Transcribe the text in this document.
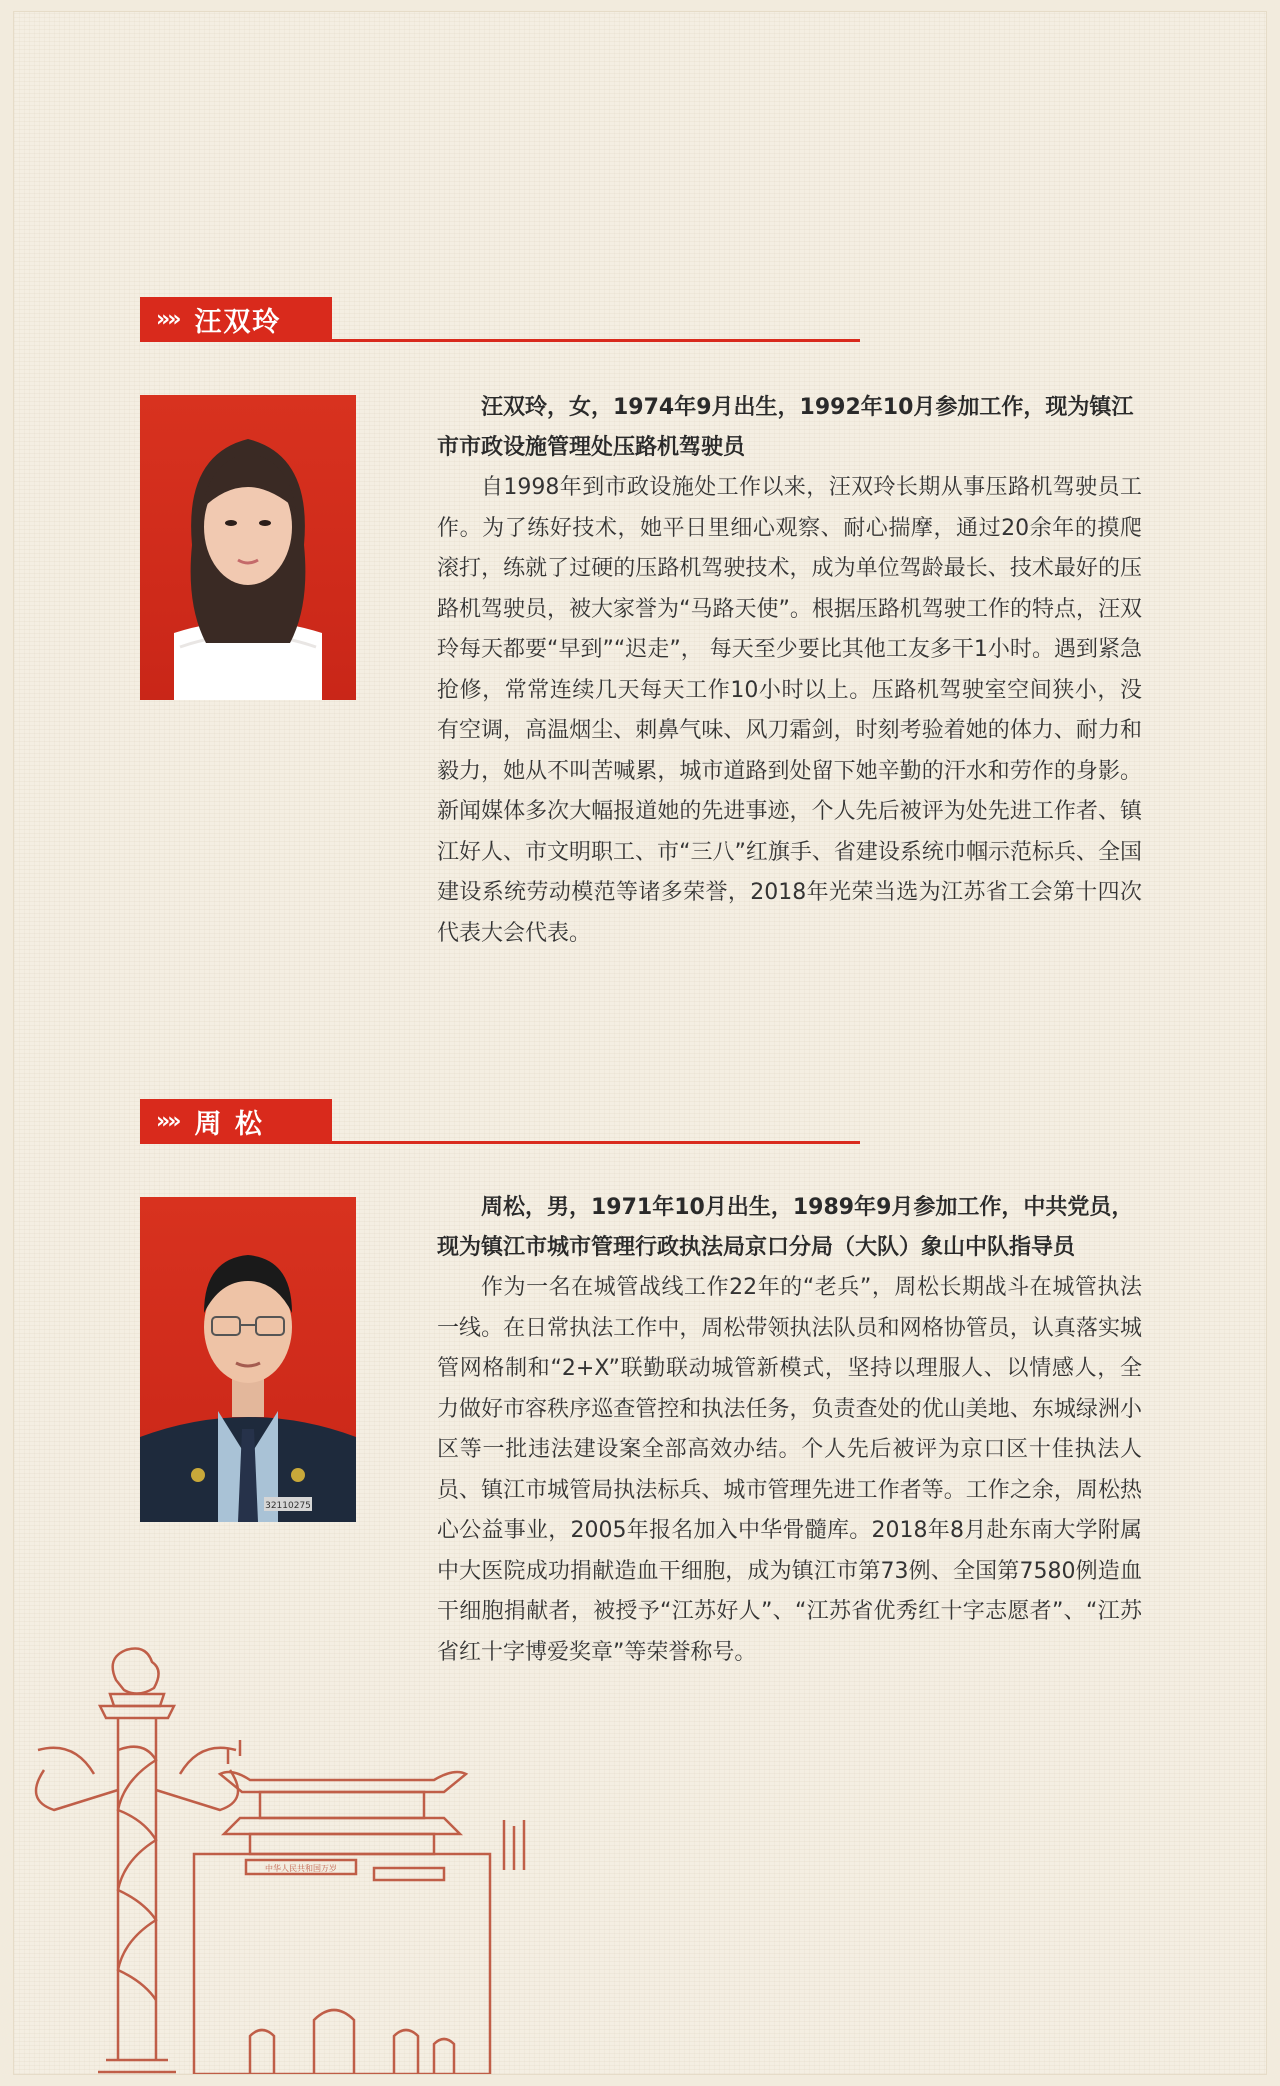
»» 汪双玲

汪双玲，女，1974年9月出生，1992年10月参加工作，现为镇江市市政设施管理处压路机驾驶员

自1998年到市政设施处工作以来，汪双玲长期从事压路机驾驶员工作。为了练好技术，她平日里细心观察、耐心揣摩，通过20余年的摸爬滚打，练就了过硬的压路机驾驶技术，成为单位驾龄最长、技术最好的压路机驾驶员，被大家誉为“马路天使”。根据压路机驾驶工作的特点，汪双玲每天都要“早到”“迟走”， 每天至少要比其他工友多干1小时。遇到紧急抢修，常常连续几天每天工作10小时以上。压路机驾驶室空间狭小，没有空调，高温烟尘、刺鼻气味、风刀霜剑，时刻考验着她的体力、耐力和毅力，她从不叫苦喊累，城市道路到处留下她辛勤的汗水和劳作的身影。新闻媒体多次大幅报道她的先进事迹，个人先后被评为处先进工作者、镇江好人、市文明职工、市“三八”红旗手、省建设系统巾帼示范标兵、全国建设系统劳动模范等诸多荣誉，2018年光荣当选为江苏省工会第十四次代表大会代表。

»» 周 松
32110275

周松，男，1971年10月出生，1989年9月参加工作，中共党员，现为镇江市城市管理行政执法局京口分局（大队）象山中队指导员

作为一名在城管战线工作22年的“老兵”，周松长期战斗在城管执法一线。在日常执法工作中，周松带领执法队员和网格协管员，认真落实城管网格制和“2+X”联勤联动城管新模式，坚持以理服人、以情感人，全力做好市容秩序巡查管控和执法任务，负责查处的优山美地、东城绿洲小区等一批违法建设案全部高效办结。个人先后被评为京口区十佳执法人员、镇江市城管局执法标兵、城市管理先进工作者等。工作之余，周松热心公益事业，2005年报名加入中华骨髓库。2018年8月赴东南大学附属中大医院成功捐献造血干细胞，成为镇江市第73例、全国第7580例造血干细胞捐献者，被授予“江苏好人”、“江苏省优秀红十字志愿者”、“江苏省红十字博爱奖章”等荣誉称号。

中华人民共和国万岁
